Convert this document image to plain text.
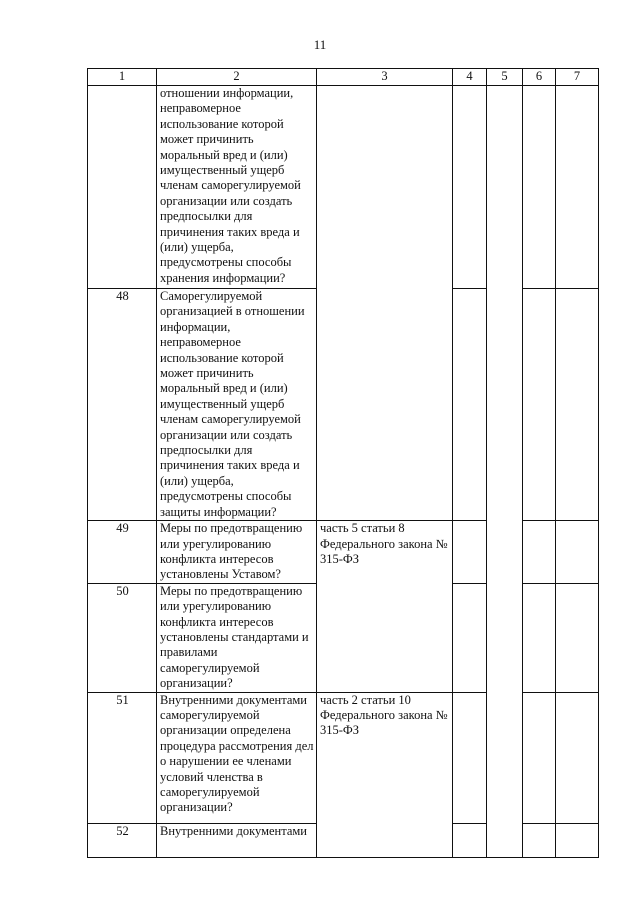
11
1	2	3	4	5	6	7
	отношении информации, неправомерное использование которой может причинить моральный вред и (или) имущественный ущерб членам саморегулируемой организации или создать предпосылки для причинения таких вреда и (или) ущерба, предусмотрены способы хранения информации?					
48	Саморегулируемой организацией в отношении информации, неправомерное использование которой может причинить моральный вред и (или) имущественный ущерб членам саморегулируемой организации или создать предпосылки для причинения таких вреда и (или) ущерба, предусмотрены способы защиты информации?					
49	Меры по предотвращению или урегулированию конфликта интересов установлены Уставом?	часть 5 статьи 8 Федерального закона № 315-ФЗ				
50	Меры по предотвращению или урегулированию конфликта интересов установлены стандартами и правилами саморегулируемой организации?					
51	Внутренними документами саморегулируемой организации определена процедура рассмотрения дел о нарушении ее членами условий членства в саморегулируемой организации?	часть 2 статьи 10 Федерального закона № 315-ФЗ				
52	Внутренними документами					
